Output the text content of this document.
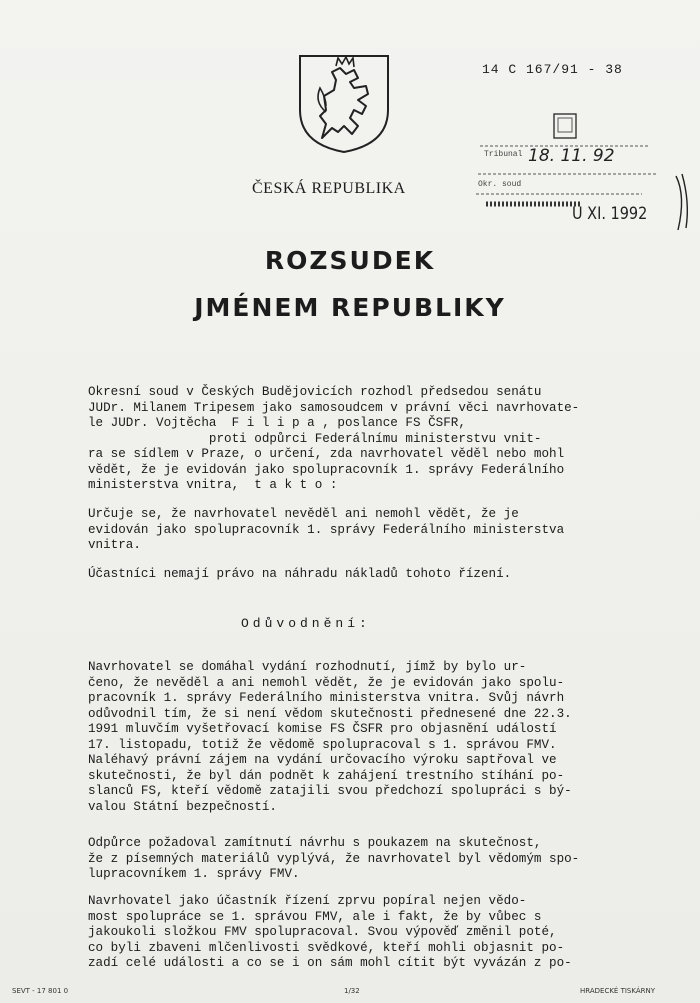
ČESKÁ REPUBLIKA
14 C 167/91 - 38
Tribunal
Okr. soud
18. 11. 92
U XI. 1992
ROZSUDEK
JMÉNEM REPUBLIKY
Okresní soud v Českých Budějovicích rozhodl předsedou senátu
JUDr. Milanem Tripesem jako samosoudcem v právní věci navrhovate-
le JUDr. Vojtěcha  F i l i p a , poslance FS ČSFR,
proti odpůrci Federálnímu ministerstvu vnit-
ra se sídlem v Praze, o určení, zda navrhovatel věděl nebo mohl
vědět, že je evidován jako spolupracovník 1. správy Federálního
ministerstva vnitra,  t a k t o :
Určuje se, že navrhovatel nevěděl ani nemohl vědět, že je
evidován jako spolupracovník 1. správy Federálního ministerstva
vnitra.
Účastníci nemají právo na náhradu nákladů tohoto řízení.
Odůvodnění:
Navrhovatel se domáhal vydání rozhodnutí, jímž by bylo ur-
čeno, že nevěděl a ani nemohl vědět, že je evidován jako spolu-
pracovník 1. správy Federálního ministerstva vnitra. Svůj návrh
odůvodnil tím, že si není vědom skutečnosti přednesené dne 22.3.
1991 mluvčím vyšetřovací komise FS ČSFR pro objasnění událostí
17. listopadu, totiž že vědomě spolupracoval s 1. správou FMV.
Naléhavý právní zájem na vydání určovacího výroku saptřoval ve
skutečnosti, že byl dán podnět k zahájení trestního stíhání po-
slanců FS, kteří vědomě zatajili svou předchozí spolupráci s bý-
valou Státní bezpečností.
Odpůrce požadoval zamítnutí návrhu s poukazem na skutečnost,
že z písemných materiálů vyplývá, že navrhovatel byl vědomým spo-
lupracovníkem 1. správy FMV.
Navrhovatel jako účastník řízení zprvu popíral nejen vědo-
most spolupráce se 1. správou FMV, ale i fakt, že by vůbec s
jakoukoli složkou FMV spolupracoval. Svou výpověď změnil poté,
co byli zbaveni mlčenlivosti svědkové, kteří mohli objasnit po-
zadí celé události a co se i on sám mohl cítit být vyvázán z po-
SEVT - 17 801 0	1/32	HRADECKÉ TISKÁRNY
